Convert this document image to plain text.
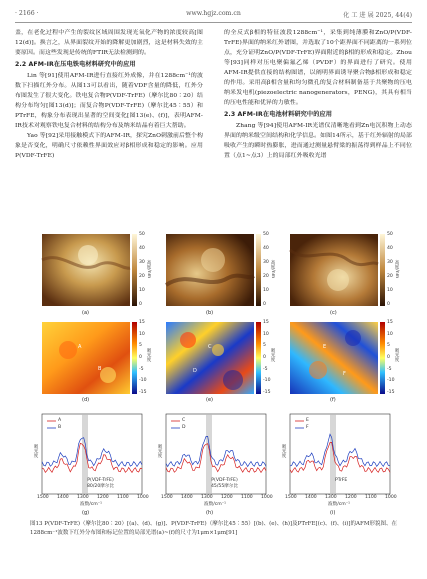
· 2166 ·	www.hgjz.com.cn	化 工 进 展 2025, 44(4)

盖，在老化过程中产生的裂纹区域周围发现光氧化产物的浓度较高[图12(d)]。换言之，从界面裂纹开始的降解更加剧烈，这是材料失效的主要原因。而这些发现是传统的FTIR无法检测到的。

2.2 AFM-IR在压电铁电材料研究中的应用

Lin 等[91]使用AFM-IR进行直接红外成像，并在1288cm⁻¹的波数下扫描红外分布。从图13可以看出，随着VDF含量的降低，红外分布图发生了很大变化。铁电复合物P(VDF-TrFE)（摩尔比80∶20）结构分布均匀[图13(d)]；而复合物P(VDF-TrFE)（摩尔比45∶55）和PTrFE，构象分布表现出显著的空间变化[图13(e)、(f)]，表明AFM-IR技术对观察铁电复合材料的结构分布及纳米结晶有着巨大帮助。

Yao 等[92]采用接触模式下的AFM-IR，探究ZnO刺激前后整个构象是否变化，明确尺寸依赖性界面效应对β相形成和稳定的影响。应用P(VDF-TrFE)

的全反式β相的特征波段1288cm⁻¹，采集到纯薄膜和ZnO/P(VDF-TrFE)界面的纳米红外谱图，并选取了10个距界面不同距离的一系列位点，充分证明ZnO/P(VDF-TrFE)界面附近的β相的形成和稳定。Zhou 等[93]同样对压电聚偏氟乙烯（PVDF）的界面进行了研究。使用AFM-IR提供直接的结构图谱，以阐明界面诱导聚合物β相形成和稳定的作用。采用高β相含量和均匀微孔的复合材料制备基于共聚物的压电纳米发电机(piezoelectric nanogenerators，PENG)，其具有相当的压电性能和优异的力敏性。

2.3 AFM-IR在电池材料研究中的应用

Zhang 等[94]使用AFM-IR光谱仪清晰地看到Zn电沉积物上动态界面的纳米级空间结构和化学信息。如图14所示，基于红外辐射的局部吸收产生的瞬时热膨胀，进而通过测量悬臂梁的振荡得到样品上不同位置（点1~点3）上的局部红外吸收光谱

A
B
C
D
E
F
(a)	(b)	(c)
(d)	(e)	(f)
(g)	(h)	(i)
高度/nm	高度/nm	高度/nm
吸光度	吸光度	吸光度
50
40
30
20
10
0
15
10
5
0
-5
-10
-15
50
40
30
20
10
0
15
10
5
0
-5
-10
-15
50
40
30
20
10
0
15
10
5
0
-5
-10
-15
1500 1400 1300 1200 1100 1000
波数/cm⁻¹
吸光度
A
B
P(VDF-TrFE)
80/20摩尔比
1500 1400 1300 1200 1100 1000
波数/cm⁻¹
吸光度
C
D
P(VDF-TrFE)
45/55摩尔比
1500 1400 1300 1200 1100 1000
波数/cm⁻¹
吸光度
E
F
PTrFE
图13 P(VDF-TrFE)（摩尔比80∶20）[(a)、(d)、(g)]、P(VDF-TrFE)（摩尔比45∶55）[(b)、(e)、(h)]及PTrFE[(c)、(f)、(i)]的AFM形貌图、在1288cm⁻¹波数下红外分布图和标记位置的局部光谱(a)~(f)的尺寸为1μm×1μm[91]
